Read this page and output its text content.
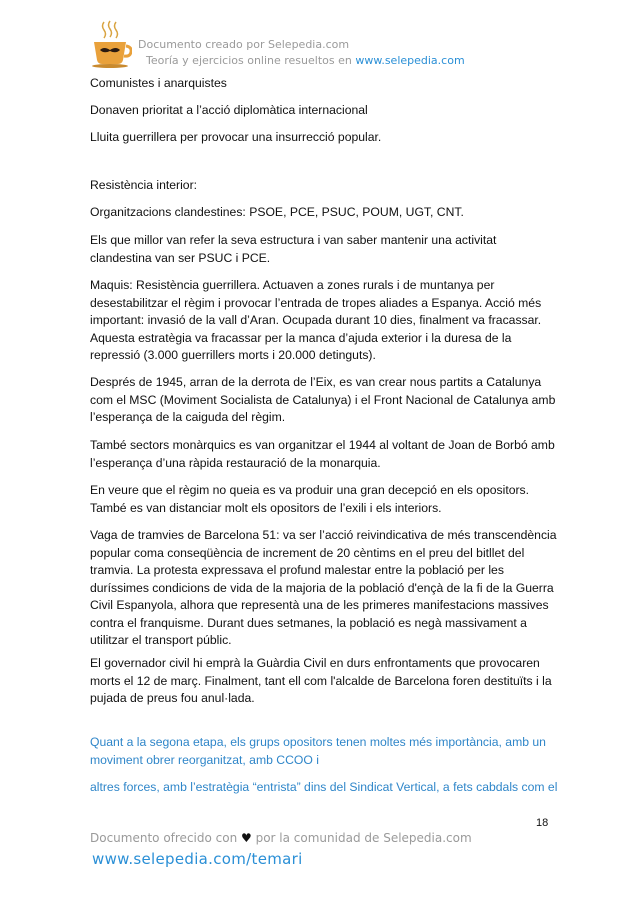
Documento creado por Selepedia.com
Teoría y ejercicios online resueltos en www.selepedia.com

Comunistes i anarquistes

Donaven prioritat a l’acció diplomàtica internacional

Lluita guerrillera per provocar una insurrecció popular.

Resistència interior:

Organitzacions clandestines: PSOE, PCE, PSUC, POUM, UGT, CNT.

Els que millor van refer la seva estructura i van saber mantenir una activitat

clandestina van ser PSUC i PCE.

Maquis: Resistència guerrillera. Actuaven a zones rurals i de muntanya per

desestabilitzar el règim i provocar l’entrada de tropes aliades a Espanya. Acció més

important: invasió de la vall d’Aran. Ocupada durant 10 dies, finalment va fracassar.

Aquesta estratègia va fracassar per la manca d’ajuda exterior i la duresa de la

repressió (3.000 guerrillers morts i 20.000 detinguts).

Després de 1945, arran de la derrota de l’Eix, es van crear nous partits a Catalunya

com el MSC (Moviment Socialista de Catalunya) i el Front Nacional de Catalunya amb

l’esperança de la caiguda del règim.

També sectors monàrquics es van organitzar el 1944 al voltant de Joan de Borbó amb

l’esperança d’una ràpida restauració de la monarquia.

En veure que el règim no queia es va produir una gran decepció en els opositors.

També es van distanciar molt els opositors de l’exili i els interiors.

Vaga de tramvies de Barcelona 51: va ser l’acció reivindicativa de més transcendència

popular coma conseqüència de increment de 20 cèntims en el preu del bitllet del

tramvia. La protesta expressava el profund malestar entre la població per les

duríssimes condicions de vida de la majoria de la població d'ençà de la fi de la Guerra

Civil Espanyola, alhora que representà una de les primeres manifestacions massives

contra el franquisme. Durant dues setmanes, la població es negà massivament a

utilitzar el transport públic.

El governador civil hi emprà la Guàrdia Civil en durs enfrontaments que provocaren

morts el 12 de març. Finalment, tant ell com l'alcalde de Barcelona foren destituïts i la

pujada de preus fou anul·lada.

Quant a la segona etapa, els grups opositors tenen moltes més importància, amb un

moviment obrer reorganitzat, amb CCOO i

altres forces, amb l’estratègia “entrista” dins del Sindicat Vertical, a fets cabdals com el

18
Documento ofrecido con ♥ por la comunidad de Selepedia.com
www.selepedia.com/temari
